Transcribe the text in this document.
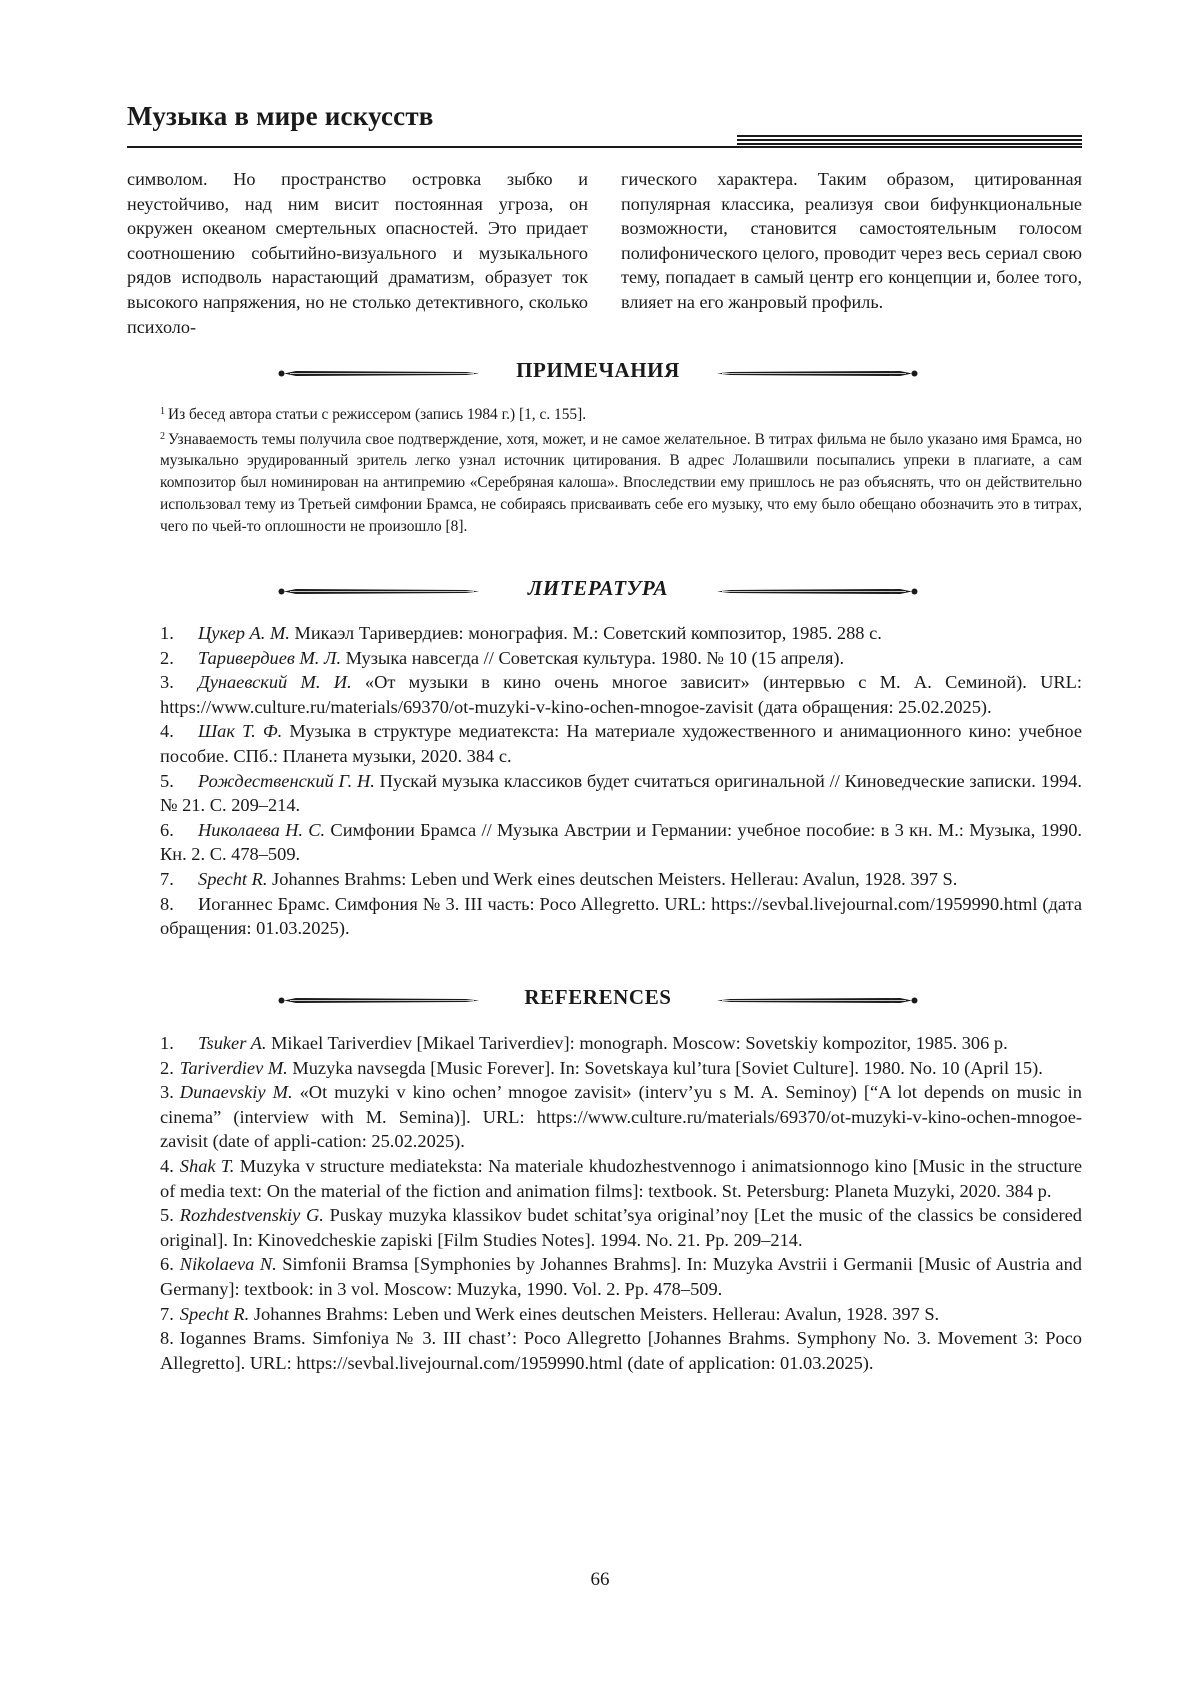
Музыка в мире искусств
символом. Но пространство островка зыбко и неустойчиво, над ним висит постоянная угроза, он окружен океаном смертельных опасностей. Это придает соотношению событийно-визуального и музыкального рядов исподволь нарастающий драматизм, образует ток высокого напряжения, но не столько детективного, сколько психоло-
гического характера. Таким образом, цитированная популярная классика, реализуя свои бифункциональные возможности, становится самостоятельным голосом полифонического целого, проводит через весь сериал свою тему, попадает в самый центр его концепции и, более того, влияет на его жанровый профиль.
ПРИМЕЧАНИЯ

$^1$ Из бесед автора статьи с режиссером (запись 1984 г.) [1, с. 155].

$^2$ Узнаваемость темы получила свое подтверждение, хотя, может, и не самое желательное. В титрах фильма не было указано имя Брамса, но музыкально эрудированный зритель легко узнал источник цитирования. В адрес Лолашвили посыпались упреки в плагиате, а сам композитор был номинирован на антипремию «Серебряная калоша». Впоследствии ему пришлось не раз объяснять, что он действительно использовал тему из Третьей симфонии Брамса, не собираясь присваивать себе его музыку, что ему было обещано обозначить это в титрах, чего по чьей-то оплошности не произошло [8].

ЛИТЕРАТУРА
1. Цукер А. М. Микаэл Таривердиев: монография. М.: Советский композитор, 1985. 288 с.
2. Таривердиев М. Л. Музыка навсегда // Советская культура. 1980. № 10 (15 апреля).
3. Дунаевский М. И. «От музыки в кино очень многое зависит» (интервью с М. А. Семиной). URL: https://www.culture.ru/materials/69370/ot-muzyki-v-kino-ochen-mnogoe-zavisit (дата обращения: 25.02.2025).
4. Шак Т. Ф. Музыка в структуре медиатекста: На материале художественного и анимационного кино: учебное пособие. СПб.: Планета музыки, 2020. 384 с.
5. Рождественский Г. Н. Пускай музыка классиков будет считаться оригинальной // Киноведческие записки. 1994. № 21. С. 209–214.
6. Николаева Н. С. Симфонии Брамса // Музыка Австрии и Германии: учебное пособие: в 3 кн. М.: Музыка, 1990. Кн. 2. С. 478–509.
7. Specht R. Johannes Brahms: Leben und Werk eines deutschen Meisters. Hellerau: Avalun, 1928. 397 S.
8. Иоганнес Брамс. Симфония № 3. III часть: Poco Allegretto. URL: https://sevbal.livejournal.com/1959990.html (дата обращения: 01.03.2025).
REFERENCES
1. Tsuker A. Mikael Tariverdiev [Mikael Tariverdiev]: monograph. Moscow: Sovetskiy kompozitor, 1985. 306 p.
2. Tariverdiev M. Muzyka navsegda [Music Forever]. In: Sovetskaya kul’tura [Soviet Culture]. 1980. No. 10 (April 15).
3. Dunaevskiy M. «Ot muzyki v kino ochen’ mnogoe zavisit» (interv’yu s M. A. Seminoy) [“A lot depends on music in cinema” (interview with M. Semina)]. URL: https://www.culture.ru/materials/69370/ot-muzyki-v-kino-ochen-mnogoe-zavisit (date of appli-cation: 25.02.2025).
4. Shak T. Muzyka v structure mediateksta: Na materiale khudozhestvennogo i animatsionnogo kino [Music in the structure of media text: On the material of the fiction and animation films]: textbook. St. Petersburg: Planeta Muzyki, 2020. 384 p.
5. Rozhdestvenskiy G. Puskay muzyka klassikov budet schitat’sya original’noy [Let the music of the classics be considered original]. In: Kinovedcheskie zapiski [Film Studies Notes]. 1994. No. 21. Pp. 209–214.
6. Nikolaeva N. Simfonii Bramsa [Symphonies by Johannes Brahms]. In: Muzyka Avstrii i Germanii [Music of Austria and Germany]: textbook: in 3 vol. Moscow: Muzyka, 1990. Vol. 2. Pp. 478–509.
7. Specht R. Johannes Brahms: Leben und Werk eines deutschen Meisters. Hellerau: Avalun, 1928. 397 S.
8. Iogannes Brams. Simfoniya № 3. III chast’: Poco Allegretto [Johannes Brahms. Symphony No. 3. Movement 3: Poco Allegretto]. URL: https://sevbal.livejournal.com/1959990.html (date of application: 01.03.2025).
66
